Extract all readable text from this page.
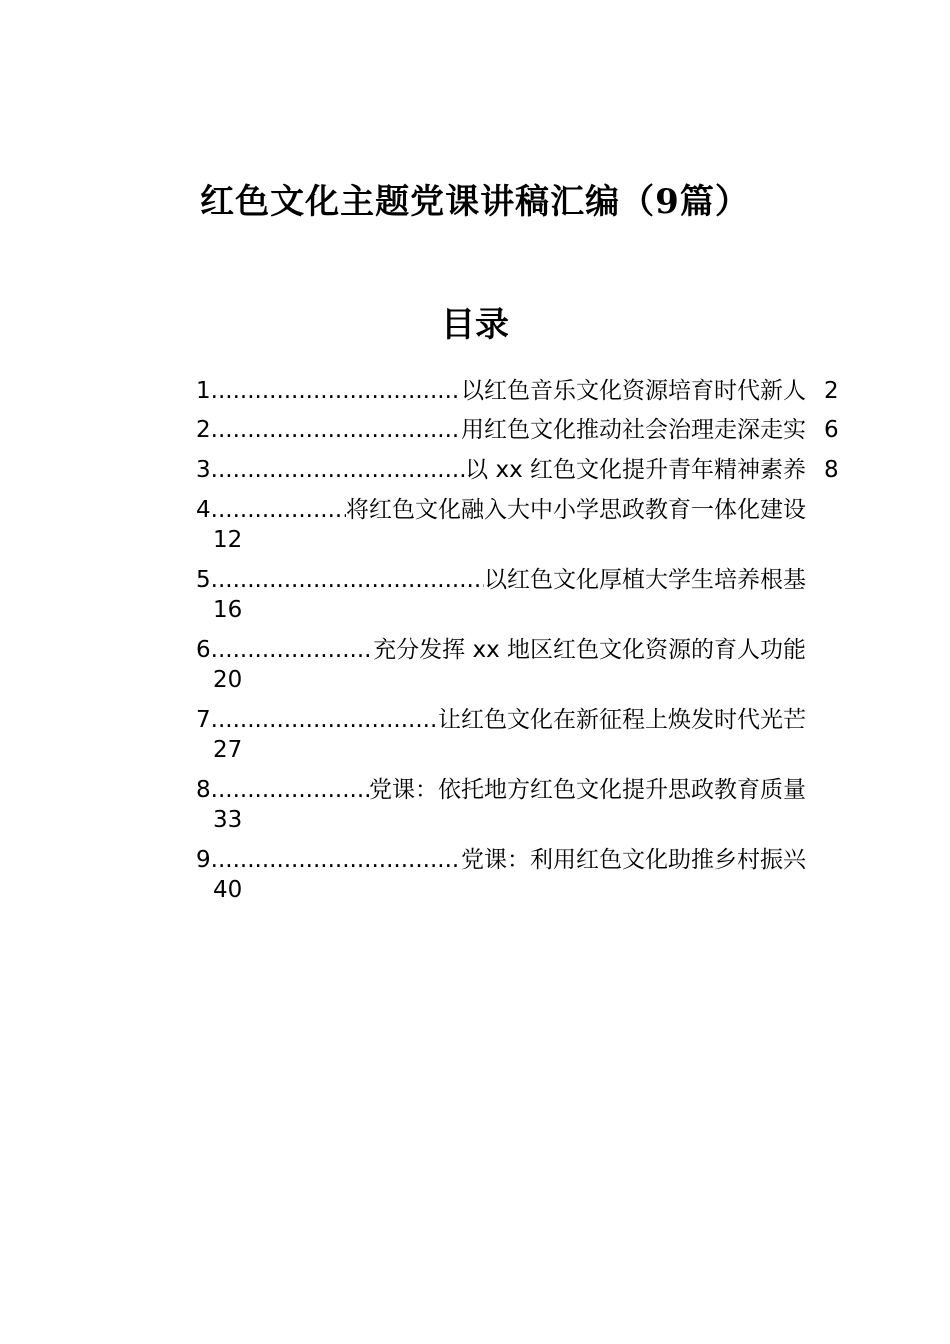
红色文化主题党课讲稿汇编（9篇）
目录
1 .....	以红色音乐文化资源培育时代新人 2
2 .....	用红色文化推动社会治理走深走实 6
3 .....	以 xx 红色文化提升青年精神素养 8
4 .....	将红色文化融入大中小学思政教育一体化建设
12
5 .....	以红色文化厚植大学生培养根基
16
6 .....	充分发挥 xx 地区红色文化资源的育人功能
20
7 .....	让红色文化在新征程上焕发时代光芒
27
8 .....	党课：依托地方红色文化提升思政教育质量
33
9 .....	党课：利用红色文化助推乡村振兴
40
